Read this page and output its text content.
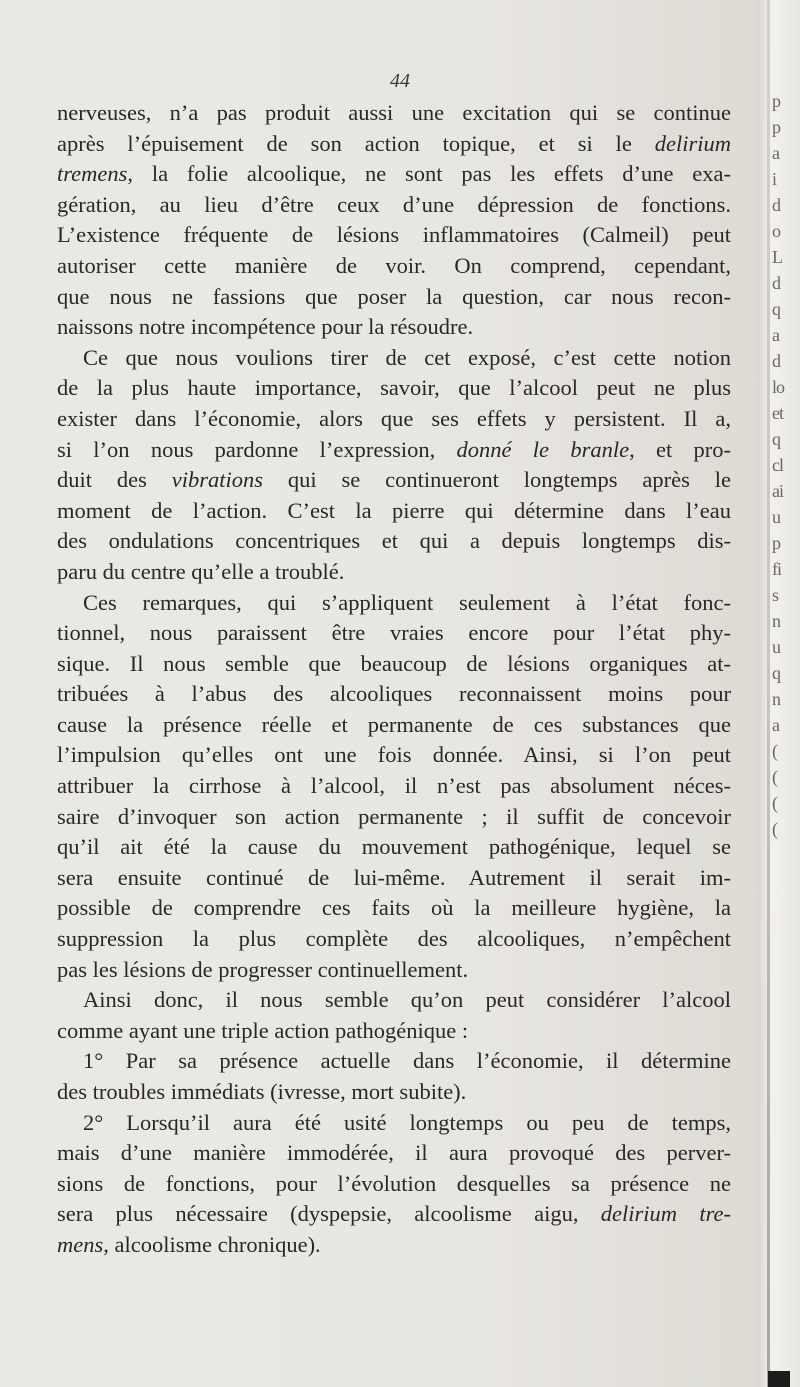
p
p
a
i
d
o
L
d
q
a
d
lo
et
q
cl
ai
u
p
fi
s
n
u
q
n
a
(
(
(
(
44

nerveuses, n’a pas produit aussi une excitation qui se continue
après l’épuisement de son action topique, et si le delirium
tremens, la folie alcoolique, ne sont pas les effets d’une exa-
gération, au lieu d’être ceux d’une dépression de fonctions.
L’existence fréquente de lésions inflammatoires (Calmeil) peut
autoriser cette manière de voir. On comprend, cependant,
que nous ne fassions que poser la question, car nous recon-
naissons notre incompétence pour la résoudre.

Ce que nous voulions tirer de cet exposé, c’est cette notion
de la plus haute importance, savoir, que l’alcool peut ne plus
exister dans l’économie, alors que ses effets y persistent. Il a,
si l’on nous pardonne l’expression, donné le branle, et pro-
duit des vibrations qui se continueront longtemps après le
moment de l’action. C’est la pierre qui détermine dans l’eau
des ondulations concentriques et qui a depuis longtemps dis-
paru du centre qu’elle a troublé.

Ces remarques, qui s’appliquent seulement à l’état fonc-
tionnel, nous paraissent être vraies encore pour l’état phy-
sique. Il nous semble que beaucoup de lésions organiques at-
tribuées à l’abus des alcooliques reconnaissent moins pour
cause la présence réelle et permanente de ces substances que
l’impulsion qu’elles ont une fois donnée. Ainsi, si l’on peut
attribuer la cirrhose à l’alcool, il n’est pas absolument néces-
saire d’invoquer son action permanente ; il suffit de concevoir
qu’il ait été la cause du mouvement pathogénique, lequel se
sera ensuite continué de lui-même. Autrement il serait im-
possible de comprendre ces faits où la meilleure hygiène, la
suppression la plus complète des alcooliques, n’empêchent
pas les lésions de progresser continuellement.

Ainsi donc, il nous semble qu’on peut considérer l’alcool
comme ayant une triple action pathogénique :

1° Par sa présence actuelle dans l’économie, il détermine
des troubles immédiats (ivresse, mort subite).

2° Lorsqu’il aura été usité longtemps ou peu de temps,
mais d’une manière immodérée, il aura provoqué des perver-
sions de fonctions, pour l’évolution desquelles sa présence ne
sera plus nécessaire (dyspepsie, alcoolisme aigu, delirium tre-
mens, alcoolisme chronique).
